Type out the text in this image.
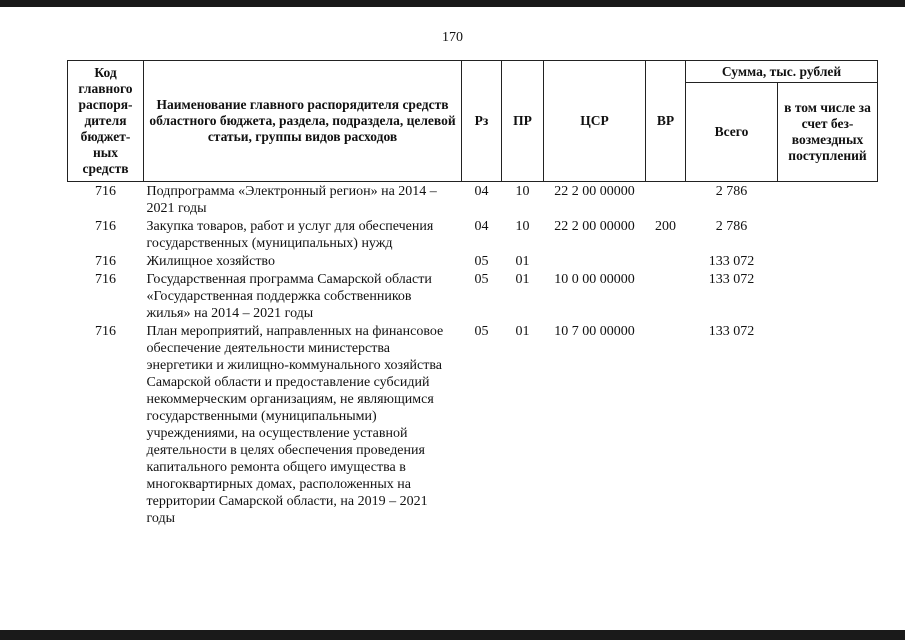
170
Код главного распоря-дителя бюджет-ных средств	Наименование главного распорядителя средств областного бюджета, раздела, подраздела, целевой статьи, группы видов расходов	Рз	ПР	ЦСР	ВР	Сумма, тыс. рублей	
						Всего	в том числе за счет без-возмездных поступлений
716	Подпрограмма «Электронный регион» на 2014 – 2021 годы	04	10	22 2 00 00000		2 786	
716	Закупка товаров, работ и услуг для обеспечения государственных (муниципальных) нужд	04	10	22 2 00 00000	200	2 786	
716	Жилищное хозяйство	05	01			133 072	
716	Государственная программа Самарской области «Государственная поддержка собственников жилья» на 2014 – 2021 годы	05	01	10 0 00 00000		133 072	
716	План мероприятий, направленных на финансовое обеспечение деятельности министерства энергетики и жилищно-коммунального хозяйства Самарской области и предоставление субсидий некоммерческим организациям, не являющимся государственными (муниципальными) учреждениями, на осуществление уставной деятельности в целях обеспечения проведения капитального ремонта общего имущества в многоквартирных домах, расположенных на территории Самарской области, на 2019 – 2021 годы	05	01	10 7 00 00000		133 072	
